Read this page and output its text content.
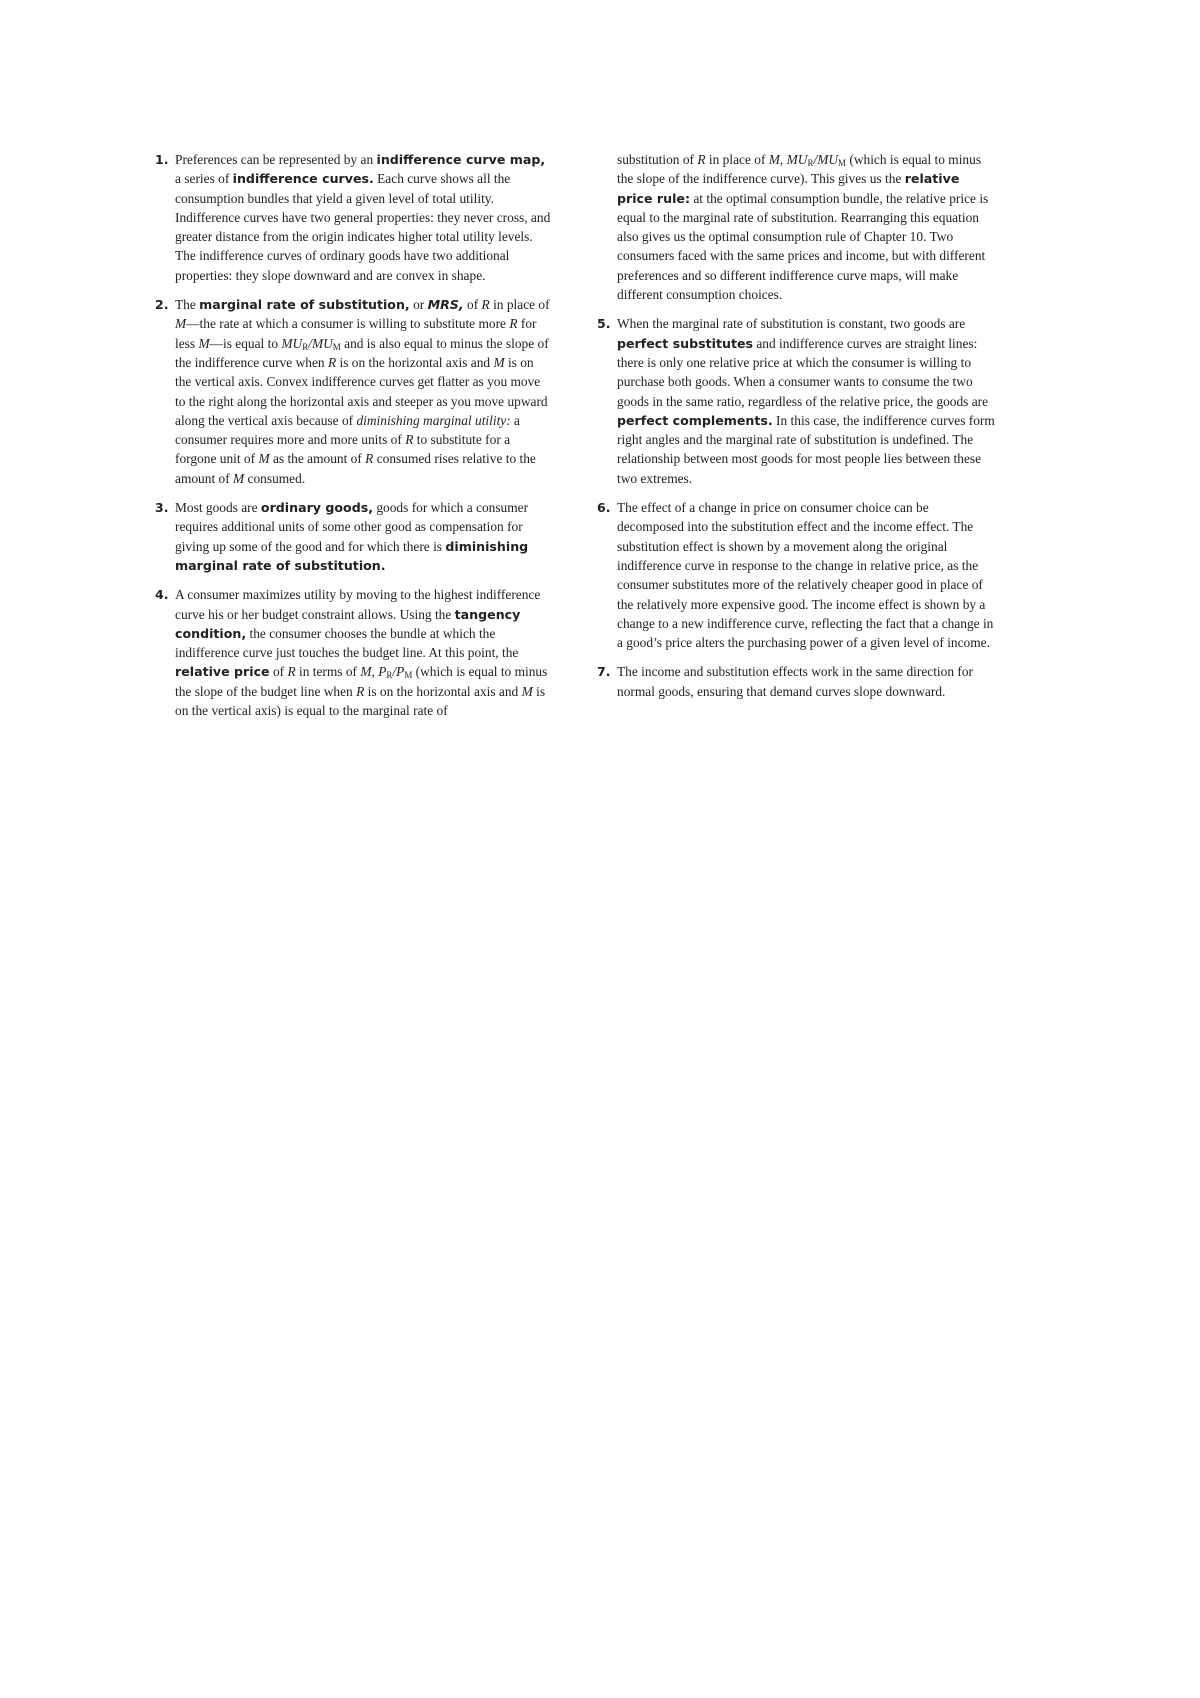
1. Preferences can be represented by an indifference curve map, a series of indifference curves. Each curve shows all the consumption bundles that yield a given level of total utility. Indifference curves have two general properties: they never cross, and greater distance from the origin indicates higher total utility levels. The indifference curves of ordinary goods have two additional properties: they slope downward and are convex in shape.
2. The marginal rate of substitution, or MRS, of R in place of M—the rate at which a consumer is willing to substitute more R for less M—is equal to $MU_R/MU_M$ and is also equal to minus the slope of the indifference curve when R is on the horizontal axis and M is on the vertical axis. Convex indifference curves get flatter as you move to the right along the horizontal axis and steeper as you move upward along the vertical axis because of diminishing marginal utility: a consumer requires more and more units of R to substitute for a forgone unit of M as the amount of R consumed rises relative to the amount of M consumed.
3. Most goods are ordinary goods, goods for which a consumer requires additional units of some other good as compensation for giving up some of the good and for which there is diminishing marginal rate of substitution.
4. A consumer maximizes utility by moving to the highest indifference curve his or her budget constraint allows. Using the tangency condition, the consumer chooses the bundle at which the indifference curve just touches the budget line. At this point, the relative price of R in terms of M, $P_R/P_M$ (which is equal to minus the slope of the budget line when R is on the horizontal axis and M is on the vertical axis) is equal to the marginal rate of
substitution of R in place of M, $MU_R/MU_M$ (which is equal to minus the slope of the indifference curve). This gives us the relative price rule: at the optimal consumption bundle, the relative price is equal to the marginal rate of substitution. Rearranging this equation also gives us the optimal consumption rule of Chapter 10. Two consumers faced with the same prices and income, but with different preferences and so different indifference curve maps, will make different consumption choices.
5. When the marginal rate of substitution is constant, two goods are perfect substitutes and indifference curves are straight lines: there is only one relative price at which the consumer is willing to purchase both goods. When a consumer wants to consume the two goods in the same ratio, regardless of the relative price, the goods are perfect complements. In this case, the indifference curves form right angles and the marginal rate of substitution is undefined. The relationship between most goods for most people lies between these two extremes.
6. The effect of a change in price on consumer choice can be decomposed into the substitution effect and the income effect. The substitution effect is shown by a movement along the original indifference curve in response to the change in relative price, as the consumer substitutes more of the relatively cheaper good in place of the relatively more expensive good. The income effect is shown by a change to a new indifference curve, reflecting the fact that a change in a good’s price alters the purchasing power of a given level of income.
7. The income and substitution effects work in the same direction for normal goods, ensuring that demand curves slope downward.
